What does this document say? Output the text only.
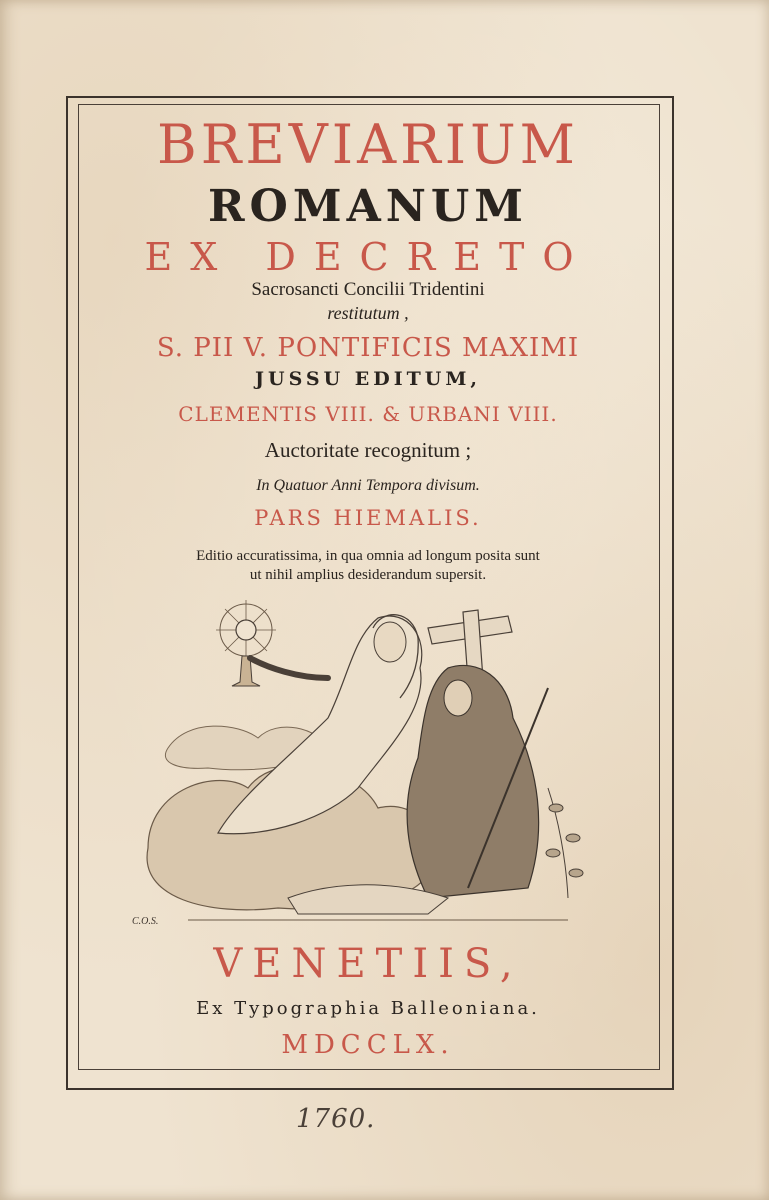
BREVIARIUM
ROMANUM
EX DECRETO
Sacrosancti Concilii Tridentini
restitutum ,
S. PII V. PONTIFICIS MAXIMI
JUSSU EDITUM,
CLEMENTIS VIII. & URBANI VIII.
Auctoritate recognitum ;
In Quatuor Anni Tempora divisum.
PARS HIEMALIS.
Editio accuratissima, in qua omnia ad longum posita sunt
ut nihil amplius desiderandum supersit.
C.O.S.
VENETIIS,
Ex Typographia Balleoniana.
MDCCLX.
1760.
